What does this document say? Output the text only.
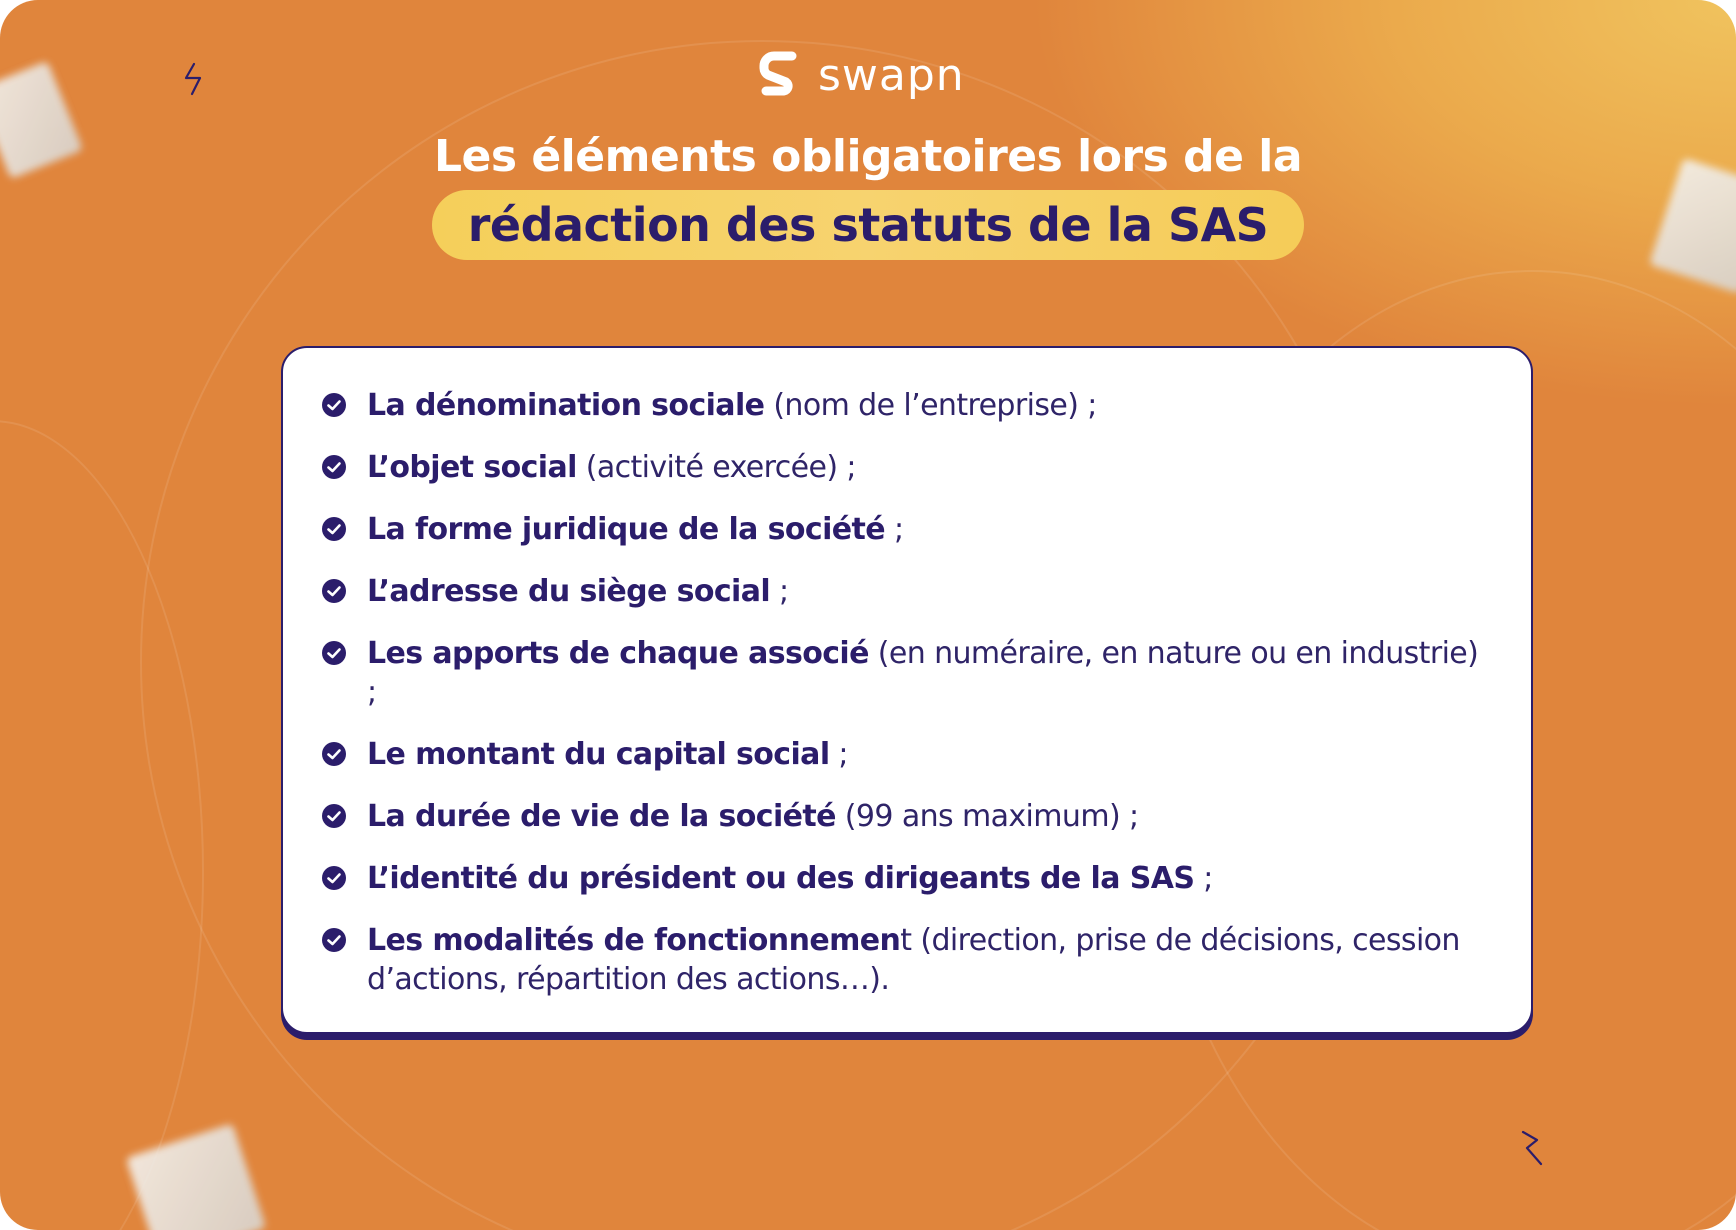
swapn
Les éléments obligatoires lors de la
rédaction des statuts de la SAS
La dénomination sociale (nom de l’entreprise) ;
L’objet social (activité exercée) ;
La forme juridique de la société ;
L’adresse du siège social ;
Les apports de chaque associé (en numéraire, en nature ou en industrie) ;
Le montant du capital social ;
La durée de vie de la société (99 ans maximum) ;
L’identité du président ou des dirigeants de la SAS ;
Les modalités de fonctionnement (direction, prise de décisions, cession d’actions, répartition des actions…).
